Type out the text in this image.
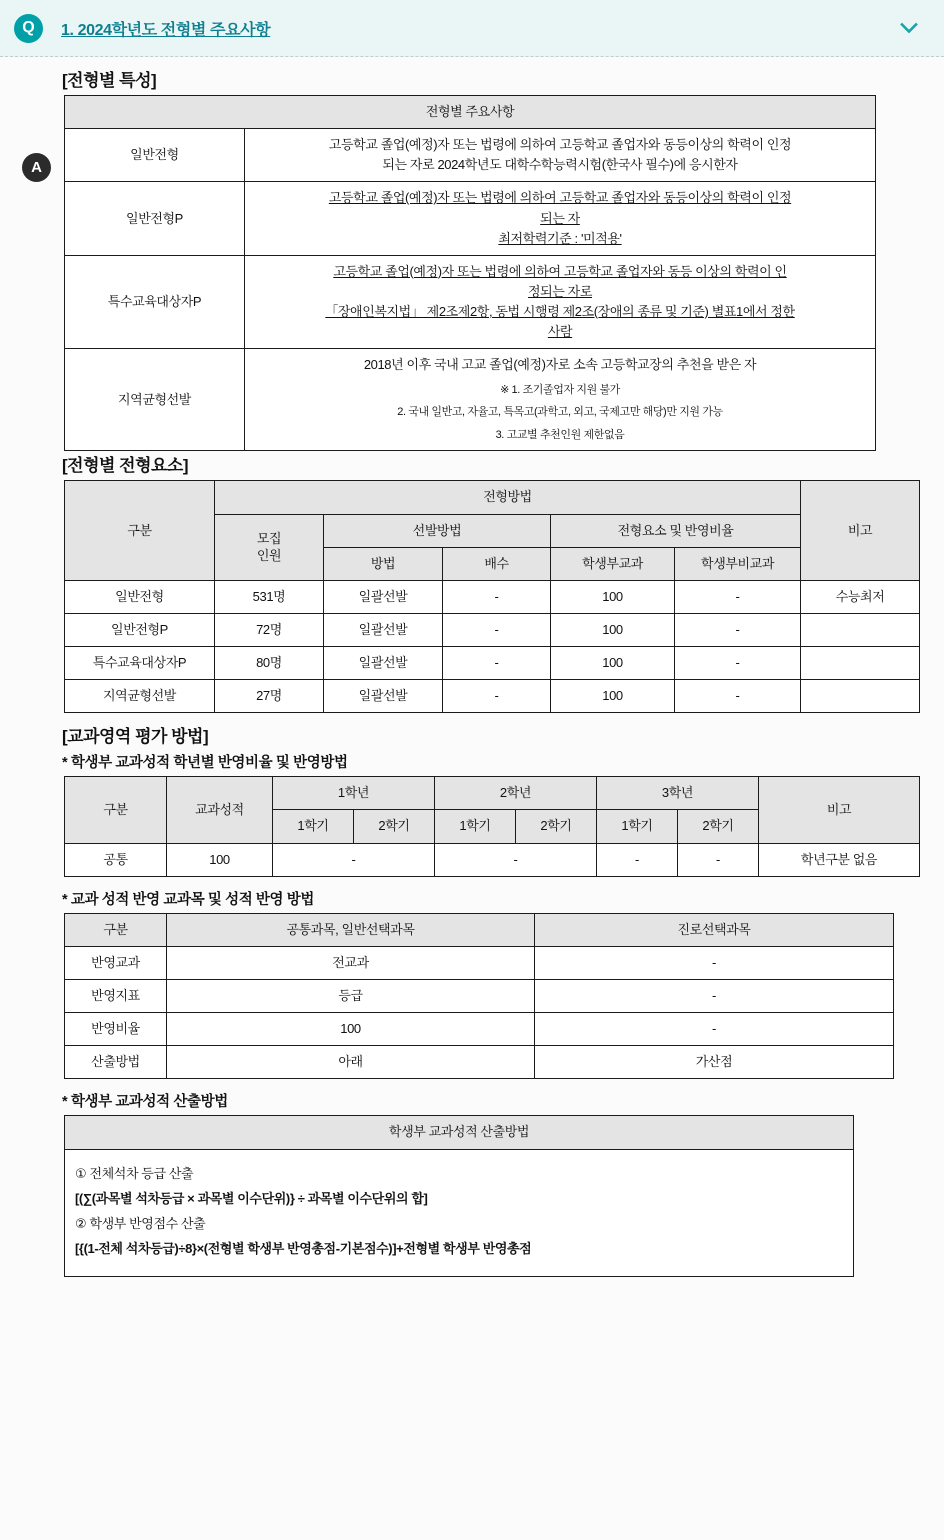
Q	1. 2024학년도 전형별 주요사항
A
[전형별 특성]
전형별 주요사항	
일반전형	고등학교 졸업(예정)자 또는 법령에 의하여 고등학교 졸업자와 동등이상의 학력이 인정
되는 자로 2024학년도 대학수학능력시험(한국사 필수)에 응시한자

일반전형P	고등학교 졸업(예정)자 또는 법령에 의하여 고등학교 졸업자와 동등이상의 학력이 인정
되는 자
최저학력기준 : '미적용'

특수교육대상자P	고등학교 졸업(예정)자 또는 법령에 의하여 고등학교 졸업자와 동등 이상의 학력이 인
정되는 자로
「장애인복지법」 제2조제2항, 동법 시행령 제2조(장애의 종류 및 기준) 별표1에서 정한
사람

지역균형선발	2018년 이후 국내 고교 졸업(예정)자로 소속 고등학교장의 추천을 받은 자
※ 1. 조기졸업자 지원 불가
2. 국내 일반고, 자율고, 특목고(과학고, 외고, 국제고만 해당)만 지원 가능
3. 고교별 추천인원 제한없음
[전형별 전형요소]
구분	전형방법					비고

	모집
인원	선발방법		전형요소 및 반영비율		
		방법	배수	학생부교과	학생부비교과	
일반전형	531명	일괄선발	-	100	-	수능최저
일반전형P	72명	일괄선발	-	100	-	
특수교육대상자P	80명	일괄선발	-	100	-	
지역균형선발	27명	일괄선발	-	100	-	
[교과영역 평가 방법]
* 학생부 교과성적 학년별 반영비율 및 반영방법
구분	교과성적	1학년		2학년		3학년		비고
		1학기	2학기	1학기	2학기	1학기	2학기	
공통	100	-		-		-	-	학년구분 없음
* 교과 성적 반영 교과목 및 성적 반영 방법
구분	공통과목, 일반선택과목	진로선택과목
반영교과	전교과	-
반영지표	등급	-
반영비율	100	-
산출방법	아래	가산점
* 학생부 교과성적 산출방법
학생부 교과성적 산출방법

① 전체석차 등급 산출
[(∑(과목별 석차등급 × 과목별 이수단위)} ÷ 과목별 이수단위의 합]
② 학생부 반영점수 산출
[{(1-전체 석차등급)÷8}×(전형별 학생부 반영총점-기본점수)]+전형별 학생부 반영총점
